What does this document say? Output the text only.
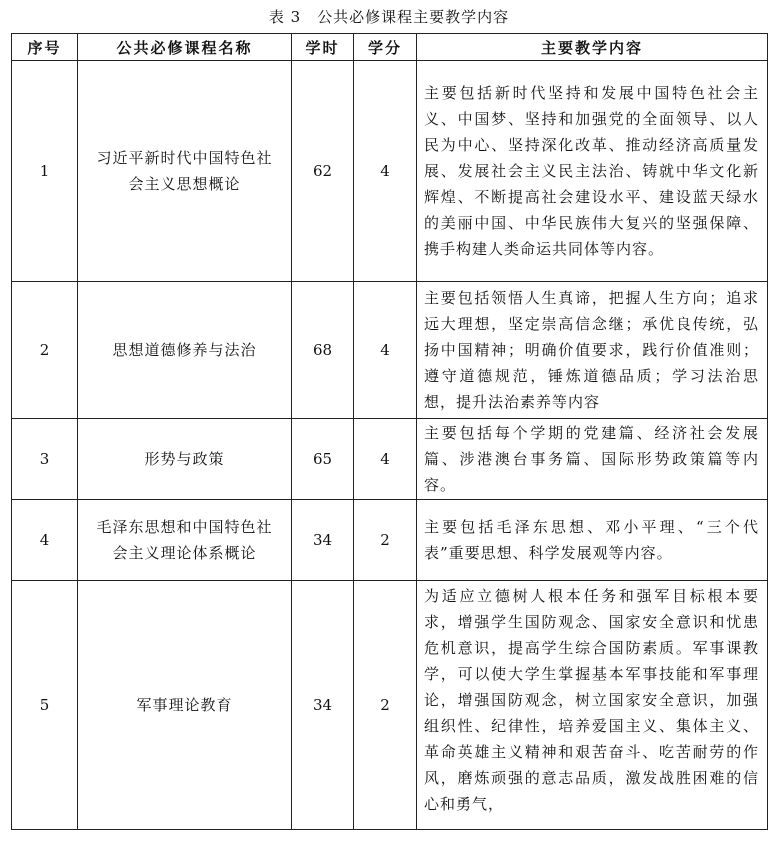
表 3 公共必修课程主要教学内容
序号	公共必修课程名称	学时	学分	主要教学内容
1	习近平新时代中国特色社会主义思想概论	62	4	主要包括新时代坚持和发展中国特色社会主义、中国梦、坚持和加强党的全面领导、以人民为中心、坚持深化改革、推动经济高质量发展、发展社会主义民主法治、铸就中华文化新辉煌、不断提高社会建设水平、建设蓝天绿水的美丽中国、中华民族伟大复兴的坚强保障、携手构建人类命运共同体等内容。
2	思想道德修养与法治	68	4	主要包括领悟人生真谛，把握人生方向；追求远大理想，坚定崇高信念继；承优良传统，弘扬中国精神；明确价值要求，践行价值准则；遵守道德规范，锤炼道德品质；学习法治思想，提升法治素养等内容
3	形势与政策	65	4	主要包括每个学期的党建篇、经济社会发展篇、涉港澳台事务篇、国际形势政策篇等内容。
4	毛泽东思想和中国特色社会主义理论体系概论	34	2	主要包括毛泽东思想、邓小平理、“三个代表”重要思想、科学发展观等内容。
5	军事理论教育	34	2	为适应立德树人根本任务和强军目标根本要求，增强学生国防观念、国家安全意识和忧患危机意识，提高学生综合国防素质。军事课教学，可以使大学生掌握基本军事技能和军事理论，增强国防观念，树立国家安全意识，加强组织性、纪律性，培养爱国主义、集体主义、革命英雄主义精神和艰苦奋斗、吃苦耐劳的作风，磨炼顽强的意志品质，激发战胜困难的信心和勇气，
